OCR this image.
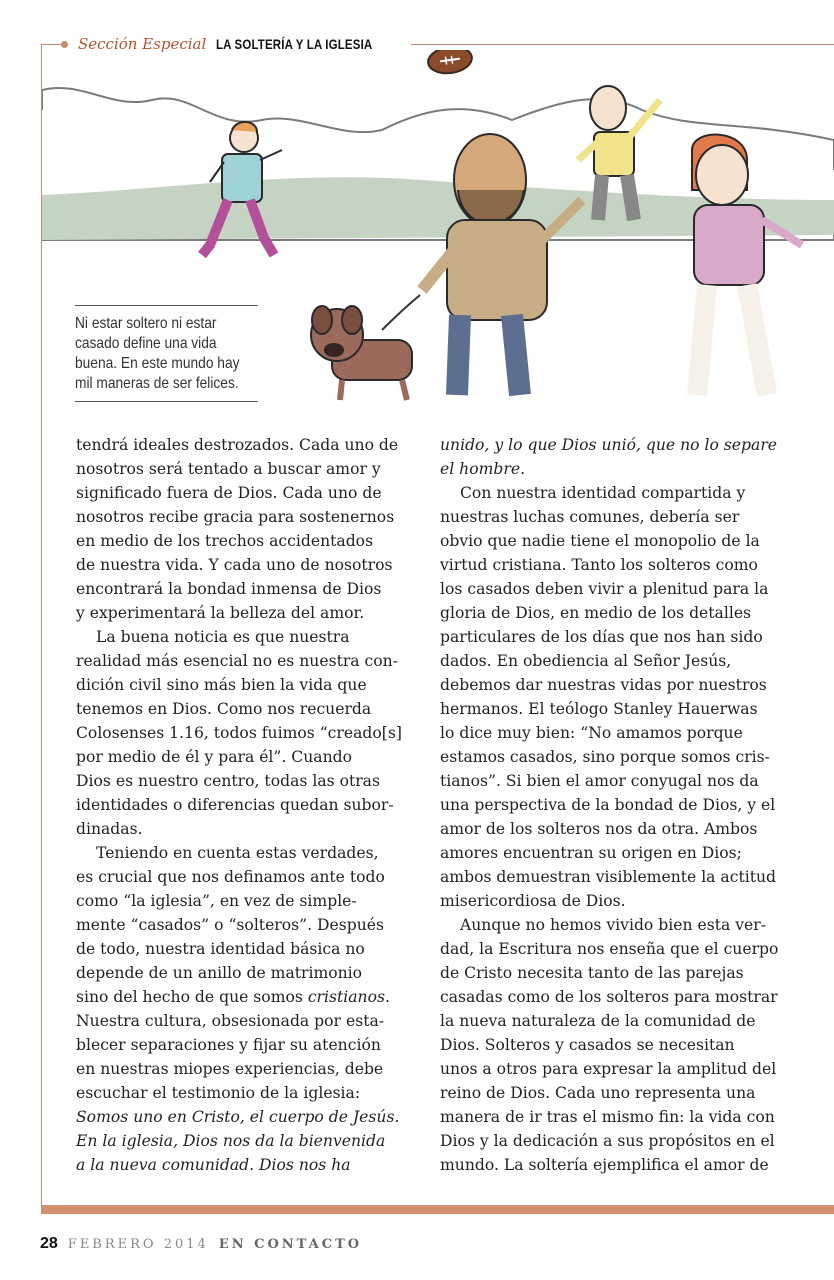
Sección Especial LA SOLTERÍA Y LA IGLESIA
Ni estar soltero ni estar casado define una vida buena. En este mundo hay mil maneras de ser felices.

tendrá ideales destrozados. Cada uno de
nosotros será tentado a buscar amor y
significado fuera de Dios. Cada uno de
nosotros recibe gracia para sostenernos
en medio de los trechos accidentados
de nuestra vida. Y cada uno de nosotros
encontrará la bondad inmensa de Dios
y experimentará la belleza del amor.

La buena noticia es que nuestra
realidad más esencial no es nuestra con-
dición civil sino más bien la vida que
tenemos en Dios. Como nos recuerda
Colosenses 1.16, todos fuimos “creado[s]
por medio de él y para él”. Cuando
Dios es nuestro centro, todas las otras
identidades o diferencias quedan subor-
dinadas.

Teniendo en cuenta estas verdades,
es crucial que nos definamos ante todo
como “la iglesia”, en vez de simple-
mente “casados” o “solteros”. Después
de todo, nuestra identidad básica no
depende de un anillo de matrimonio
sino del hecho de que somos cristianos.
Nuestra cultura, obsesionada por esta-
blecer separaciones y fijar su atención
en nuestras miopes experiencias, debe
escuchar el testimonio de la iglesia:
Somos uno en Cristo, el cuerpo de Jesús.
En la iglesia, Dios nos da la bienvenida
a la nueva comunidad. Dios nos ha

unido, y lo que Dios unió, que no lo separe
el hombre.

Con nuestra identidad compartida y
nuestras luchas comunes, debería ser
obvio que nadie tiene el monopolio de la
virtud cristiana. Tanto los solteros como
los casados deben vivir a plenitud para la
gloria de Dios, en medio de los detalles
particulares de los días que nos han sido
dados. En obediencia al Señor Jesús,
debemos dar nuestras vidas por nuestros
hermanos. El teólogo Stanley Hauerwas
lo dice muy bien: “No amamos porque
estamos casados, sino porque somos cris-
tianos”. Si bien el amor conyugal nos da
una perspectiva de la bondad de Dios, y el
amor de los solteros nos da otra. Ambos
amores encuentran su origen en Dios;
ambos demuestran visiblemente la actitud
misericordiosa de Dios.

Aunque no hemos vivido bien esta ver-
dad, la Escritura nos enseña que el cuerpo
de Cristo necesita tanto de las parejas
casadas como de los solteros para mostrar
la nueva naturaleza de la comunidad de
Dios. Solteros y casados se necesitan
unos a otros para expresar la amplitud del
reino de Dios. Cada uno representa una
manera de ir tras el mismo fin: la vida con
Dios y la dedicación a sus propósitos en el
mundo. La soltería ejemplifica el amor de

28 FEBRERO 2014 EN CONTACTO
